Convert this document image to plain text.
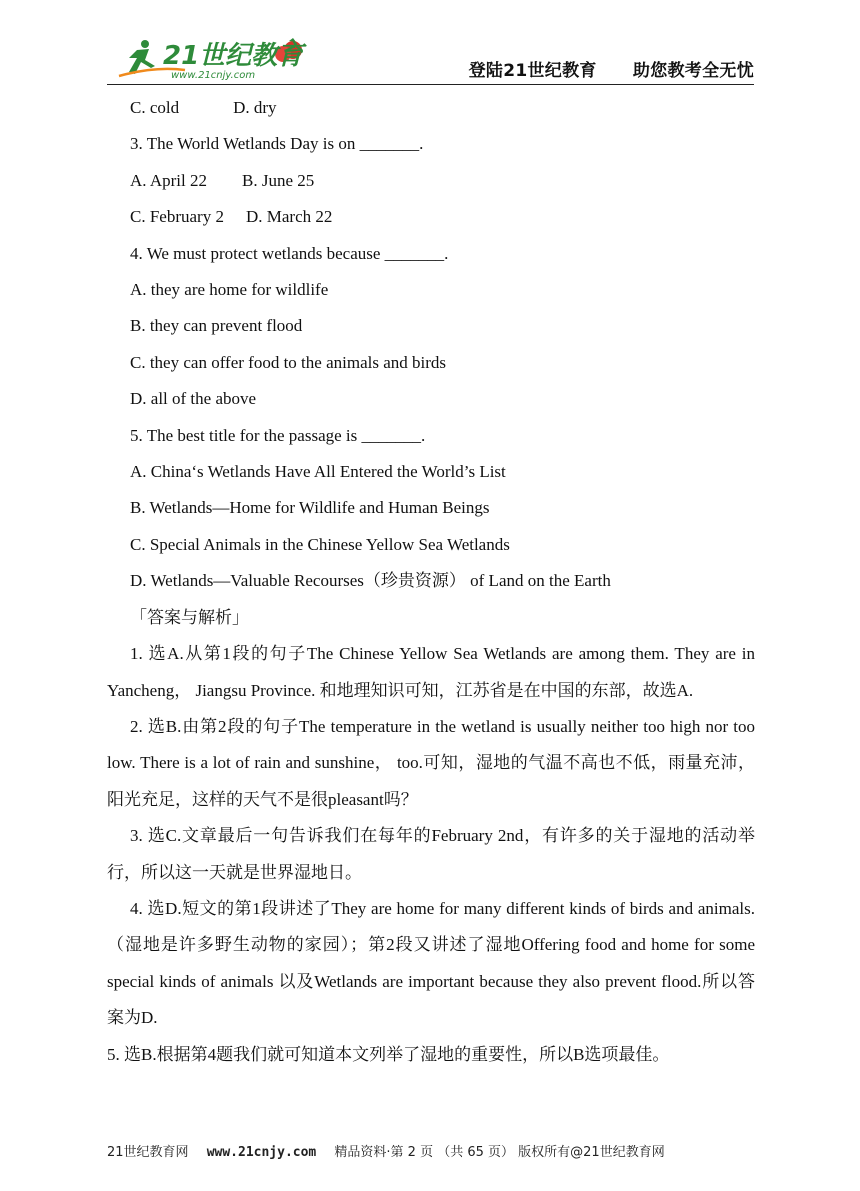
21世纪教育
www.21cnjy.com	登陆21世纪教育 助您教考全无忧
C. cold	D. dry
3. The World Wetlands Day is on _______.
A. April 22 B. June 25
C. February 2 D. March 22
4. We must protect wetlands because _______.
A. they are home for wildlife
B. they can prevent flood
C. they can offer food to the animals and birds
D. all of the above
5. The best title for the passage is _______.
A. China‘s Wetlands Have All Entered the World’s List
B. Wetlands—Home for Wildlife and Human Beings
C. Special Animals in the Chinese Yellow Sea Wetlands
D. Wetlands—Valuable Recourses（珍贵资源） of Land on the Earth
「答案与解析」
1. 选A.从第1段的句子The Chinese Yellow Sea Wetlands are among them. They are in Yancheng， Jiangsu Province. 和地理知识可知，江苏省是在中国的东部，故选A.
2. 选B.由第2段的句子The temperature in the wetland is usually neither too high nor too low. There is a lot of rain and sunshine， too.可知，湿地的气温不高也不低，雨量充沛，阳光充足，这样的天气不是很pleasant吗？
3. 选C.文章最后一句告诉我们在每年的February 2nd，有许多的关于湿地的活动举行，所以这一天就是世界湿地日。
4. 选D.短文的第1段讲述了They are home for many different kinds of birds and animals.（湿地是许多野生动物的家园）；第2段又讲述了湿地Offering food and home for some special kinds of animals 以及Wetlands are important because they also prevent flood.所以答案为D.
5. 选B.根据第4题我们就可知道本文列举了湿地的重要性，所以B选项最佳。
21世纪教育网 www.21cnjy.com 精品资料·第 2 页 （共 65 页） 版权所有@21世纪教育网
